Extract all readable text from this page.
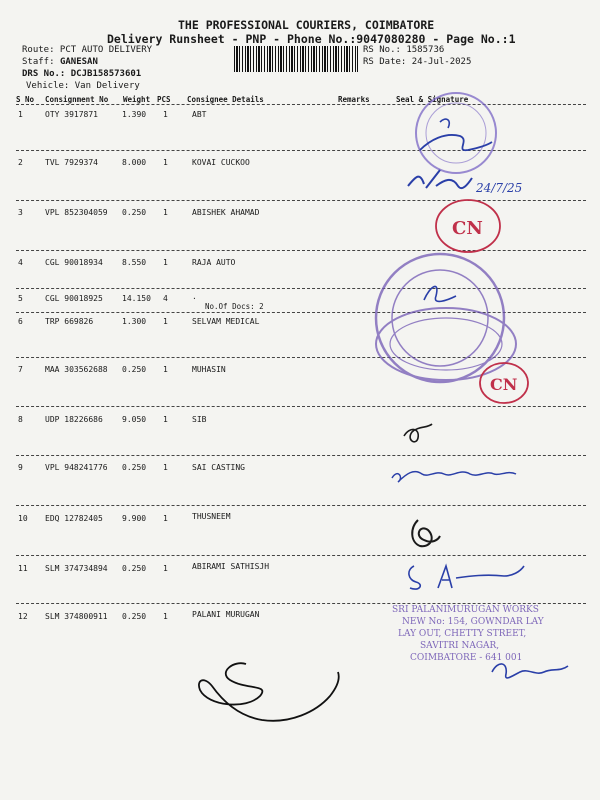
THE PROFESSIONAL COURIERS, COIMBATORE
Delivery Runsheet - PNP - Phone No.:9047080280 - Page No.:1
Route: PCT AUTO DELIVERY
Staff: GANESAN
DRS No.: DCJB158573601
Vehicle: Van Delivery
RS No.: 1585736
RS Date: 24-Jul-2025
S No Consignment No Weight PCS Consignee Details	Remarks	Seal & Signature
1	OTY 3917871	1.390 1	ABT
2	TVL 7929374	8.000 1	KOVAI CUCKOO
3	VPL 852304059 0.250 1	ABISHEK AHAMAD
4	CGL 90018934 8.550 1	RAJA AUTO
5	CGL 90018925 14.150 4	.
No.Of Docs: 2
6	TRP 669826	1.300 1	SELVAM MEDICAL
7	MAA 303562688 0.250 1	MUHASIN
8	UDP 18226686 9.050 1	SIB
9	VPL 948241776 0.250 1	SAI CASTING
10 EDQ 12782405 9.900 1	THUSNEEM
11 SLM 374734894 0.250 1	ABIRAMI SATHISJH
12 SLM 374800911 0.250 1	PALANI MURUGAN
24/7/25
CN
CN
SRI PALANIMURUGAN WORKS
NEW No: 154, GOWNDAR LAY
LAY OUT, CHETTY STREET,
SAVITRI NAGAR,
COIMBATORE - 641 001
